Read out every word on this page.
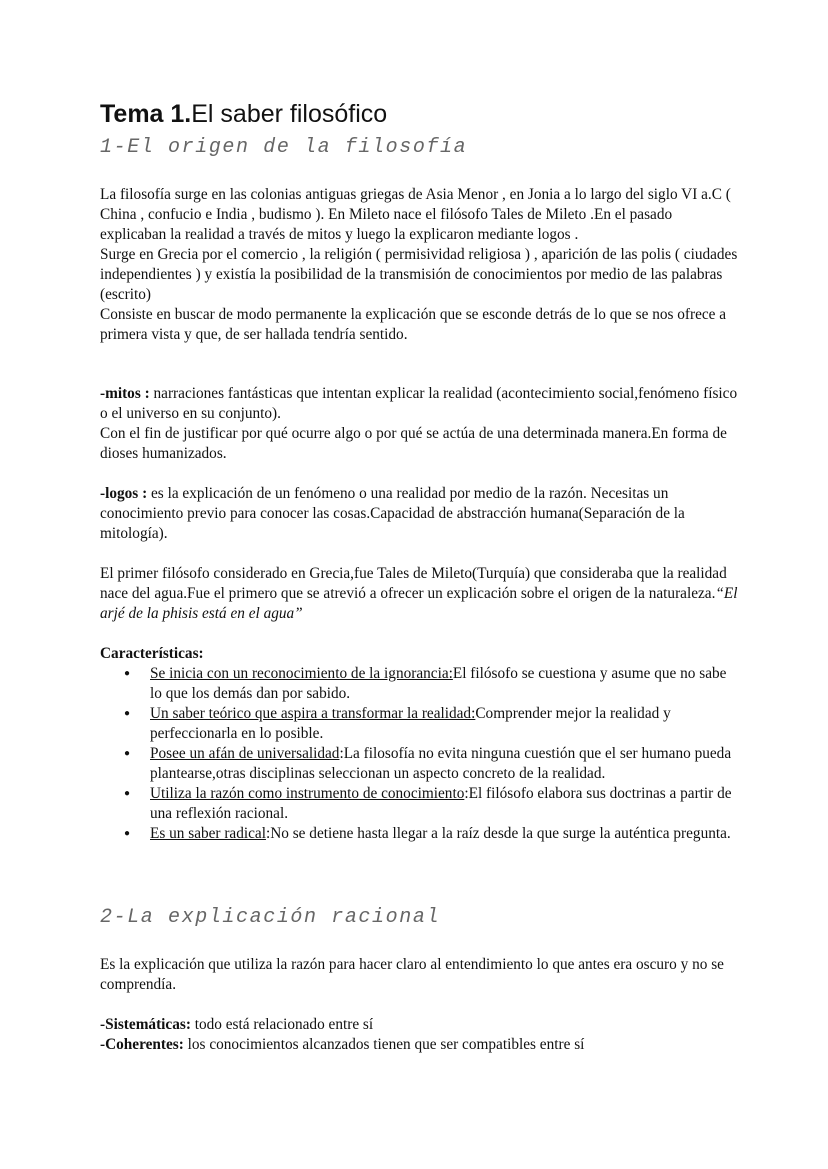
Tema 1.El saber filosófico
1-El origen de la filosofía

La filosofía surge en las colonias antiguas griegas de Asia Menor , en Jonia a lo largo del siglo VI a.C ( China , confucio e India , budismo ). En Mileto nace el filósofo Tales de Mileto .En el pasado explicaban la realidad a través de mitos y luego la explicaron mediante logos .

Surge en Grecia por el comercio , la religión ( permisividad religiosa ) , aparición de las polis ( ciudades independientes ) y existía la posibilidad de la transmisión de conocimientos por medio de las palabras (escrito)

Consiste en buscar de modo permanente la explicación que se esconde detrás de lo que se nos ofrece a primera vista y que, de ser hallada tendría sentido.

-mitos : narraciones fantásticas que intentan explicar la realidad (acontecimiento social,fenómeno físico o el universo en su conjunto).

Con el fin de justificar por qué ocurre algo o por qué se actúa de una determinada manera.En forma de dioses humanizados.

-logos : es la explicación de un fenómeno o una realidad por medio de la razón. Necesitas un conocimiento previo para conocer las cosas.Capacidad de abstracción humana(Separación de la mitología).

El primer filósofo considerado en Grecia,fue Tales de Mileto(Turquía) que consideraba que la realidad nace del agua.Fue el primero que se atrevió a ofrecer un explicación sobre el origen de la naturaleza.“El arjé de la phisis está en el agua”

Características:

● Se inicia con un reconocimiento de la ignorancia:El filósofo se cuestiona y asume que no sabe lo que los demás dan por sabido.
● Un saber teórico que aspira a transformar la realidad:Comprender mejor la realidad y perfeccionarla en lo posible.
● Posee un afán de universalidad:La filosofía no evita ninguna cuestión que el ser humano pueda plantearse,otras disciplinas seleccionan un aspecto concreto de la realidad.
● Utiliza la razón como instrumento de conocimiento:El filósofo elabora sus doctrinas a partir de una reflexión racional.
● Es un saber radical:No se detiene hasta llegar a la raíz desde la que surge la auténtica pregunta.
2-La explicación racional

Es la explicación que utiliza la razón para hacer claro al entendimiento lo que antes era oscuro y no se comprendía.

-Sistemáticas: todo está relacionado entre sí

-Coherentes: los conocimientos alcanzados tienen que ser compatibles entre sí
